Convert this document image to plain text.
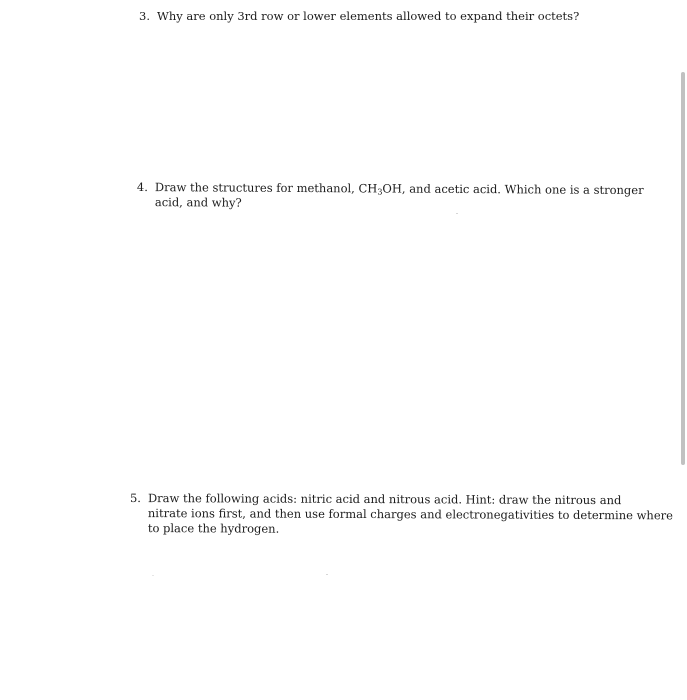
3. Why are only 3rd row or lower elements allowed to expand their octets?
4. Draw the structures for methanol, $CH_3OH$, and acetic acid. Which one is a stronger
acid, and why?
5. Draw the following acids: nitric acid and nitrous acid. Hint: draw the nitrous and
nitrate ions first, and then use formal charges and electronegativities to determine where
to place the hydrogen.
